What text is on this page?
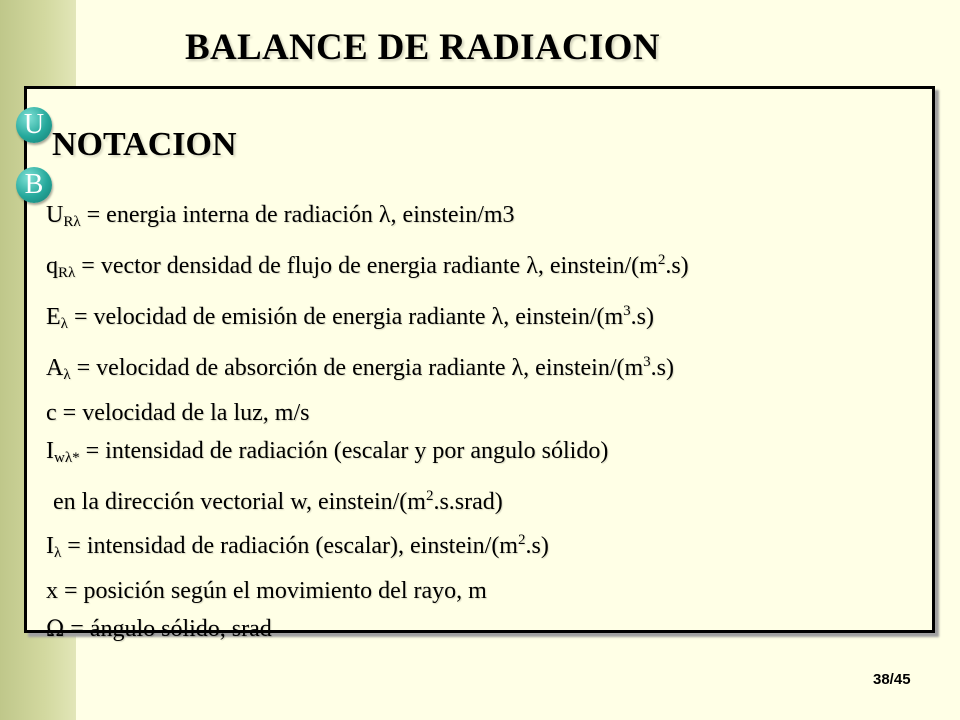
BALANCE DE RADIACION
U
B
NOTACION
$U_{R\lambda}$ = energia interna de radiación λ, einstein/m3
$q_{R\lambda}$ = vector densidad de flujo de energia radiante λ, einstein/$(m^2.s)$
$E_\lambda$ = velocidad de emisión de energia radiante λ, einstein/$(m^3.s)$
$A_\lambda$ = velocidad de absorción de energia radiante λ, einstein/$(m^3.s)$
c = velocidad de la luz, m/s
$I_{w\lambda*}$ = intensidad de radiación (escalar y por angulo sólido)
en la dirección vectorial w, einstein/$(m^2.s.srad)$
$I_\lambda$ = intensidad de radiación (escalar), einstein/$(m^2.s)$
x = posición según el movimiento del rayo, m
Ω = ángulo sólido, srad
38/45
